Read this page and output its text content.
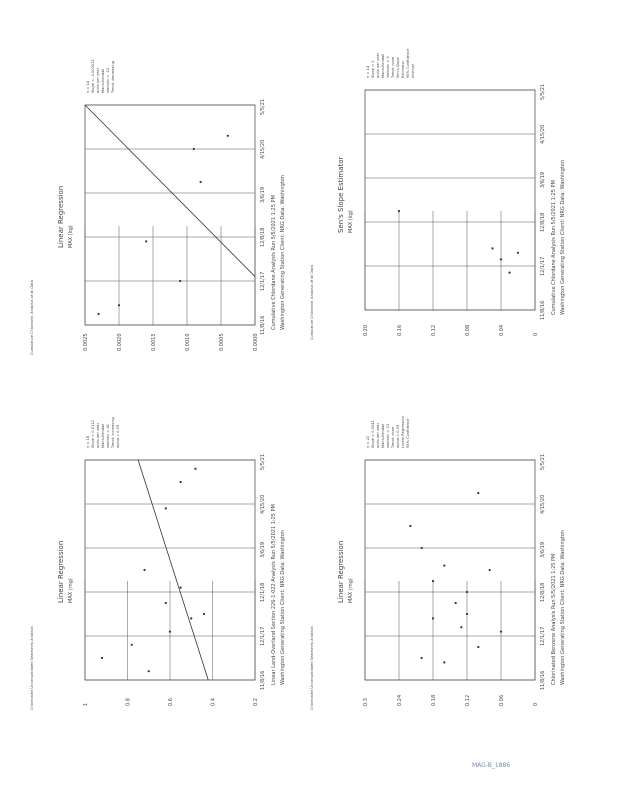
Cumulative Chlordane, Analysis of all Data
Linear Regression MAX (kg)
11/8/16
12/1/17
12/8/18
3/6/19
4/15/20
5/5/21
0.0000
0.0005
0.0010
0.0015
0.0020
0.0025
Cumulative Chlordane Analysis Run 5/5/2021 1:25 PM Washington Generating Station Client: NRG Data: Washington
n = 14 Slope = -0.000012 units per year Mann-Kendall statistic = -12 Trend: decreasing
Cumulative Chlordane, Analysis of all Data
Sen's Slope Estimator MAX (kg)
11/8/16
12/1/17
12/8/18
3/6/19
4/15/20
5/5/21
0
0.04
0.08
0.12
0.16
0.20
Cumulative Chlordane Analysis Run 5/5/2021 1:25 PM Washington Generating Station Client: NRG Data: Washington
n = 14 Slope = 0 units per year Mann-Kendall statistic = 0 Trend: none Sen's Slope Estimator 95% Confidence Interval
Chlorinated Unconsolidated Sediments Analysis
Linear Regression MAX (mg)
11/8/16
12/1/17
12/1/18
3/6/19
4/15/20
5/5/21
0.2
0.4
0.6
0.8
1
Linear Land-Overland Section 226-1-022 Analysis Run 5/5/2021 1:25 PM Washington Generating Station Client: NRG Data: Washington
n = 18 Slope = 0.0112 units per year Mann-Kendall statistic = 41 Trend: increasing alpha = 0.05
Chlorinated Unconsolidated Sediments Analysis
Linear Regression MAX (mg)
11/8/16
12/1/17
12/8/18
3/6/19
4/15/20
5/5/21
0
0.06
0.12
0.18
0.24
0.3
Chlorinated Benzene Analysis Run 5/5/2021 1:25 PM Washington Generating Station Client: NRG Data: Washington
n = 22 Slope = 0.0041 units per year Mann-Kendall statistic = 23 Trend: none alpha = 0.05 Linear Regression 95% Confidence
MAG-B_1886
